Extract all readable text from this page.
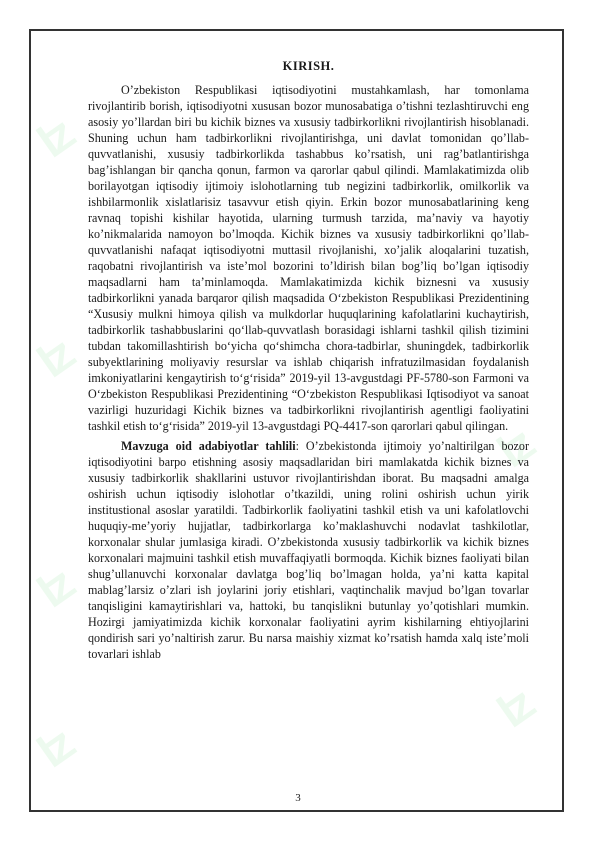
ʫ
ʫ
ʫ
ʫ
ʫ
ʫ
KIRISH.

O’zbekiston Respublikasi iqtisodiyotini mustahkamlash, har tomonlama rivojlantirib borish, iqtisodiyotni xususan bozor munosabatiga o’tishni tezlashtiruvchi eng asosiy yo’llardan biri bu kichik biznes va xususiy tadbirkorlikni rivojlantirish hisoblanadi. Shuning uchun ham tadbirkorlikni rivojlantirishga, uni davlat tomonidan qo’llab- quvvatlanishi, xususiy tadbirkorlikda tashabbus ko’rsatish, uni rag’batlantirishga bag’ishlangan bir qancha qonun, farmon va qarorlar qabul qilindi. Mamlakatimizda olib borilayotgan iqtisodiy ijtimoiy islohotlarning tub negizini tadbirkorlik, omilkorlik va ishbilarmonlik xislatlarisiz tasavvur etish qiyin. Erkin bozor munosabatlarining keng ravnaq topishi kishilar hayotida, ularning turmush tarzida, ma’naviy va hayotiy ko’nikmalarida namoyon bo’lmoqda. Kichik biznes va xususiy tadbirkorlikni qo’llab-quvvatlanishi nafaqat iqtisodiyotni muttasil rivojlanishi, xo’jalik aloqalarini tuzatish, raqobatni rivojlantirish va iste’mol bozorini to’ldirish bilan bog’liq bo’lgan iqtisodiy maqsadlarni ham ta’minlamoqda. Mamlakatimizda kichik biznesni va xususiy tadbirkorlikni yanada barqaror qilish maqsadida O‘zbekiston Respublikasi Prezidentining “Xususiy mulkni himoya qilish va mulkdorlar huquqlarining kafolatlarini kuchaytirish, tadbirkorlik tashabbuslarini qo‘llab-quvvatlash borasidagi ishlarni tashkil qilish tizimini tubdan takomillashtirish bo‘yicha qo‘shimcha chora-tadbirlar, shuningdek, tadbirkorlik subyektlarining moliyaviy resurslar va ishlab chiqarish infratuzilmasidan foydalanish imkoniyatlarini kengaytirish to‘g‘risida” 2019-yil 13-avgustdagi PF-5780-son Farmoni va O‘zbekiston Respublikasi Prezidentining “O‘zbekiston Respublikasi Iqtisodiyot va sanoat vazirligi huzuridagi Kichik biznes va tadbirkorlikni rivojlantirish agentligi faoliyatini tashkil etish to‘g‘risida” 2019-yil 13-avgustdagi PQ-4417-son qarorlari qabul qilingan.

Mavzuga oid adabiyotlar tahlili: O’zbekistonda ijtimoiy yo’naltirilgan bozor iqtisodiyotini barpo etishning asosiy maqsadlaridan biri mamlakatda kichik biznes va xususiy tadbirkorlik shakllarini ustuvor rivojlantirishdan iborat. Bu maqsadni amalga oshirish uchun iqtisodiy islohotlar o’tkazildi, uning rolini oshirish uchun yirik institustional asoslar yaratildi. Tadbirkorlik faoliyatini tashkil etish va uni kafolatlovchi huquqiy-me’yoriy hujjatlar, tadbirkorlarga ko’maklashuvchi nodavlat tashkilotlar, korxonalar shular jumlasiga kiradi. O’zbekistonda xususiy tadbirkorlik va kichik biznes korxonalari majmuini tashkil etish muvaffaqiyatli bormoqda. Kichik biznes faoliyati bilan shug’ullanuvchi korxonalar davlatga bog’liq bo’lmagan holda, ya’ni katta kapital mablag’larsiz o’zlari ish joylarini joriy etishlari, vaqtinchalik mavjud bo’lgan tovarlar tanqisligini kamaytirishlari va, hattoki, bu tanqislikni butunlay yo’qotishlari mumkin. Hozirgi jamiyatimizda kichik korxonalar faoliyatini ayrim kishilarning ehtiyojlarini qondirish sari yo’naltirish zarur. Bu narsa maishiy xizmat ko’rsatish hamda xalq iste’moli tovarlari ishlab

3
